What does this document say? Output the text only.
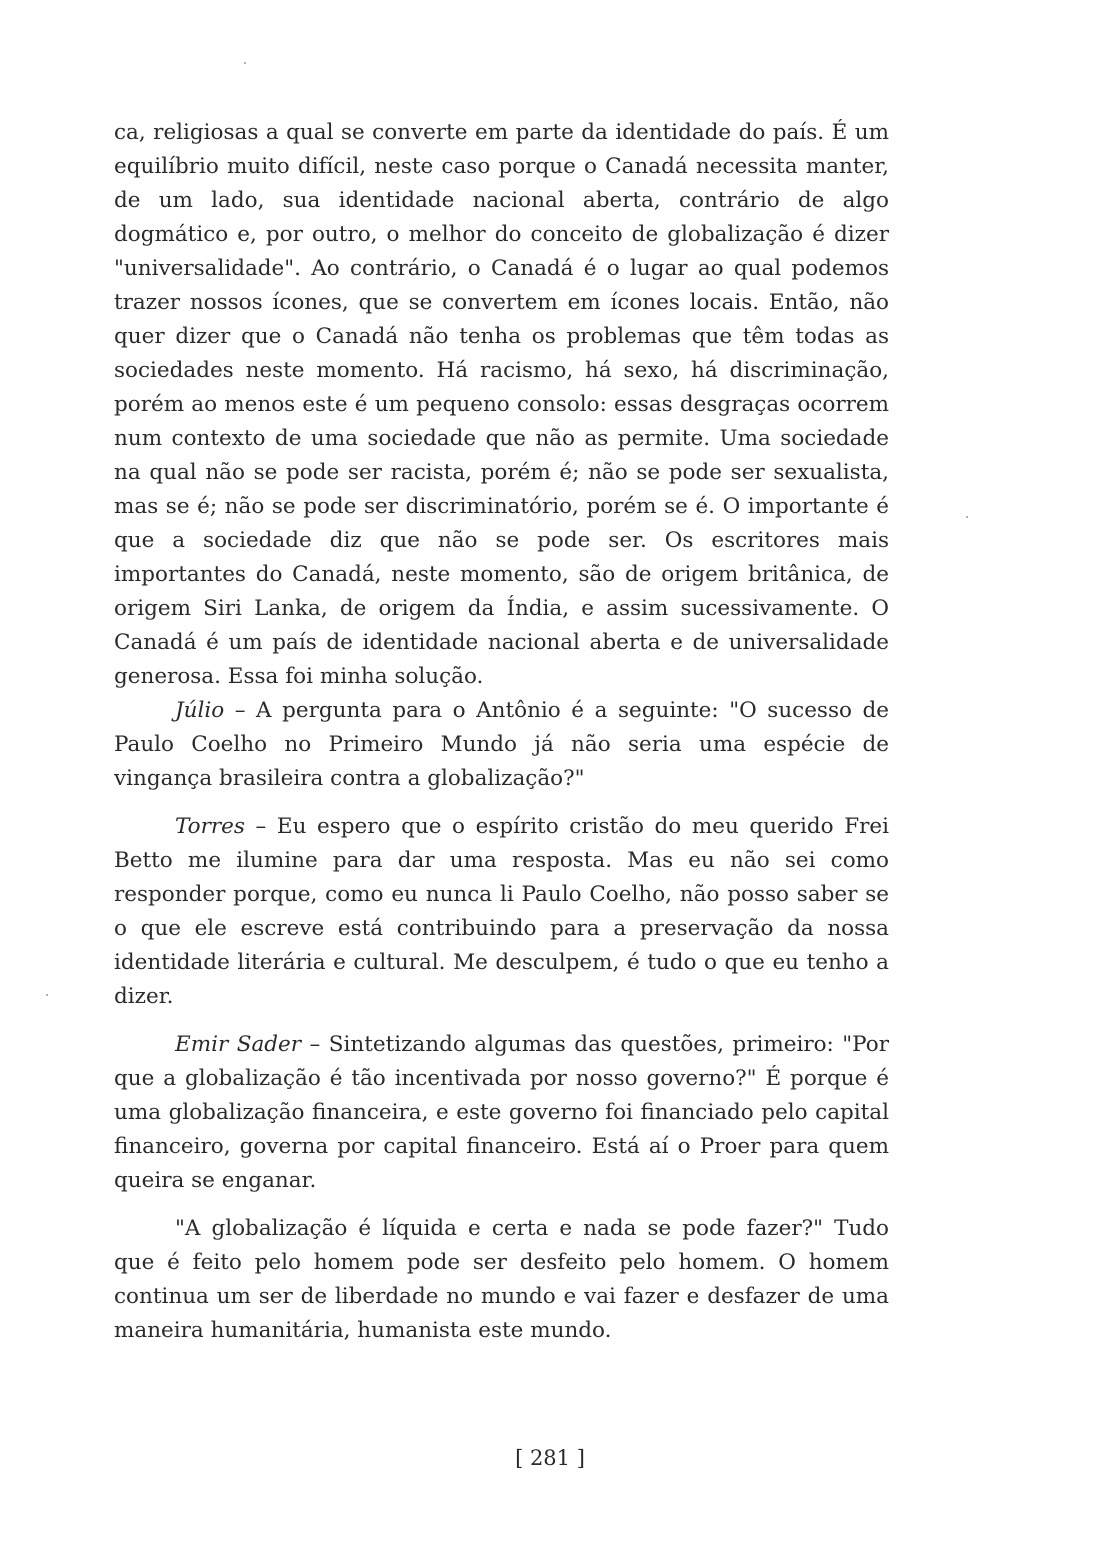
ca, religiosas a qual se converte em parte da identidade do país. É um equilíbrio muito difícil, neste caso porque o Canadá necessita manter, de um lado, sua identidade nacional aberta, contrário de algo dogmático e, por outro, o melhor do conceito de globalização é dizer "universalidade". Ao contrário, o Canadá é o lugar ao qual podemos trazer nossos ícones, que se convertem em ícones locais. Então, não quer dizer que o Canadá não tenha os problemas que têm todas as sociedades neste momento. Há racismo, há sexo, há discriminação, porém ao menos este é um pequeno consolo: essas desgraças ocorrem num contexto de uma sociedade que não as permite. Uma sociedade na qual não se pode ser racista, porém é; não se pode ser sexualista, mas se é; não se pode ser discriminatório, porém se é. O importante é que a sociedade diz que não se pode ser. Os escritores mais importantes do Canadá, neste momento, são de origem britânica, de origem Siri Lanka, de origem da Índia, e assim sucessivamente. O Canadá é um país de identidade nacional aberta e de universalidade generosa. Essa foi minha solução.

Júlio – A pergunta para o Antônio é a seguinte: "O sucesso de Paulo Coelho no Primeiro Mundo já não seria uma espécie de vingança brasileira contra a globalização?"

Torres – Eu espero que o espírito cristão do meu querido Frei Betto me ilumine para dar uma resposta. Mas eu não sei como responder porque, como eu nunca li Paulo Coelho, não posso saber se o que ele escreve está contribuindo para a preservação da nossa identidade literária e cultural. Me desculpem, é tudo o que eu tenho a dizer.

Emir Sader – Sintetizando algumas das questões, primeiro: "Por que a globalização é tão incentivada por nosso governo?" É porque é uma globalização financeira, e este governo foi financiado pelo capital financeiro, governa por capital financeiro. Está aí o Proer para quem queira se enganar.

"A globalização é líquida e certa e nada se pode fazer?" Tudo que é feito pelo homem pode ser desfeito pelo homem. O homem continua um ser de liberdade no mundo e vai fazer e desfazer de uma maneira humanitária, humanista este mundo.

[ 281 ]
